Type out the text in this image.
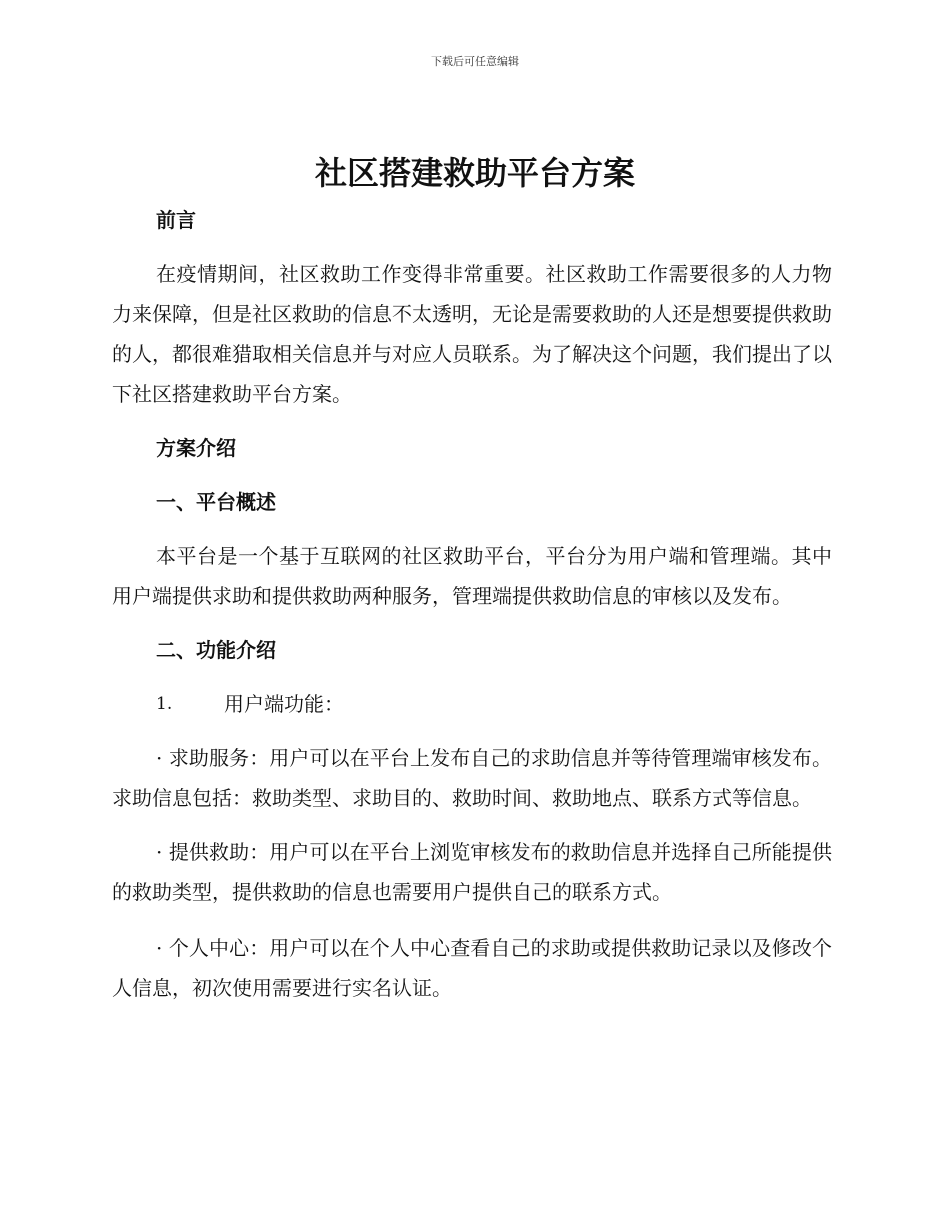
下载后可任意编辑
社区搭建救助平台方案

前言

在疫情期间，社区救助工作变得非常重要。社区救助工作需要很多的人力物力来保障，但是社区救助的信息不太透明，无论是需要救助的人还是想要提供救助的人，都很难猎取相关信息并与对应人员联系。为了解决这个问题，我们提出了以下社区搭建救助平台方案。

方案介绍

一、平台概述

本平台是一个基于互联网的社区救助平台，平台分为用户端和管理端。其中用户端提供求助和提供救助两种服务，管理端提供救助信息的审核以及发布。

二、功能介绍

1.	用户端功能：

· 求助服务：用户可以在平台上发布自己的求助信息并等待管理端审核发布。求助信息包括：救助类型、求助目的、救助时间、救助地点、联系方式等信息。

· 提供救助：用户可以在平台上浏览审核发布的救助信息并选择自己所能提供的救助类型，提供救助的信息也需要用户提供自己的联系方式。

· 个人中心：用户可以在个人中心查看自己的求助或提供救助记录以及修改个人信息，初次使用需要进行实名认证。
